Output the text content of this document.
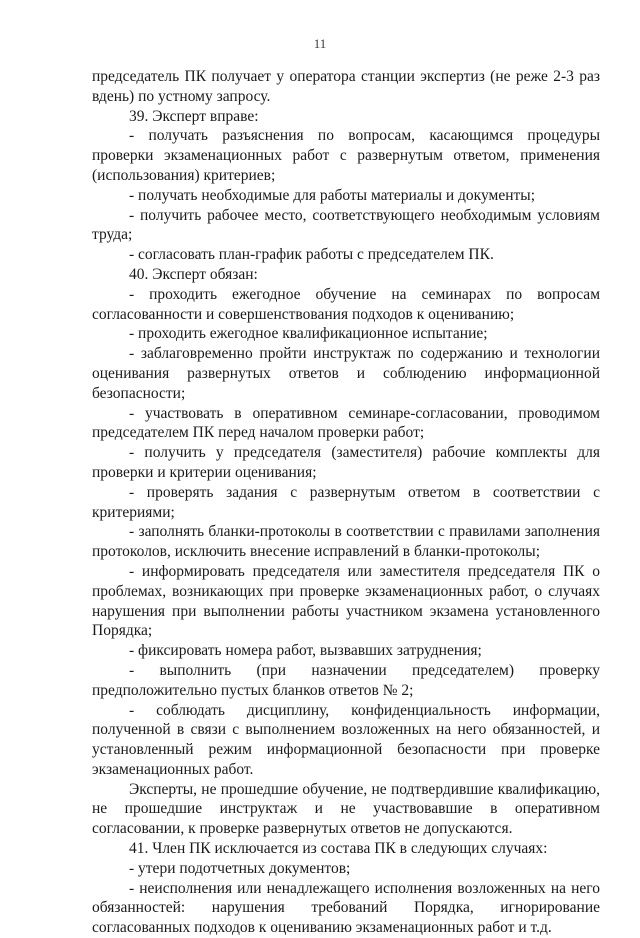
11

председатель ПК получает у оператора станции экспертиз (не реже 2-3 раз вдень) по устному запросу.

39. Эксперт вправе:

- получать разъяснения по вопросам, касающимся процедуры проверки экзаменационных работ с развернутым ответом, применения (использования) критериев;

- получать необходимые для работы материалы и документы;

- получить рабочее место, соответствующего необходимым условиям труда;

- согласовать план-график работы с председателем ПК.

40. Эксперт обязан:

- проходить ежегодное обучение на семинарах по вопросам согласованности и совершенствования подходов к оцениванию;

- проходить ежегодное квалификационное испытание;

- заблаговременно пройти инструктаж по содержанию и технологии оценивания развернутых ответов и соблюдению информационной безопасности;

- участвовать в оперативном семинаре-согласовании, проводимом председателем ПК перед началом проверки работ;

- получить у председателя (заместителя) рабочие комплекты для проверки и критерии оценивания;

- проверять задания с развернутым ответом в соответствии с критериями;

- заполнять бланки-протоколы в соответствии с правилами заполнения протоколов, исключить внесение исправлений в бланки-протоколы;

- информировать председателя или заместителя председателя ПК о проблемах, возникающих при проверке экзаменационных работ, о случаях нарушения при выполнении работы участником экзамена установленного Порядка;

- фиксировать номера работ, вызвавших затруднения;

- выполнить (при назначении председателем) проверку предположительно пустых бланков ответов № 2;

- соблюдать дисциплину, конфиденциальность информации, полученной в связи с выполнением возложенных на него обязанностей, и установленный режим информационной безопасности при проверке экзаменационных работ.

Эксперты, не прошедшие обучение, не подтвердившие квалификацию, не прошедшие инструктаж и не участвовавшие в оперативном согласовании, к проверке развернутых ответов не допускаются.

41. Член ПК исключается из состава ПК в следующих случаях:

- утери подотчетных документов;

- неисполнения или ненадлежащего исполнения возложенных на него обязанностей: нарушения требований Порядка, игнорирование согласованных подходов к оцениванию экзаменационных работ и т.д.
